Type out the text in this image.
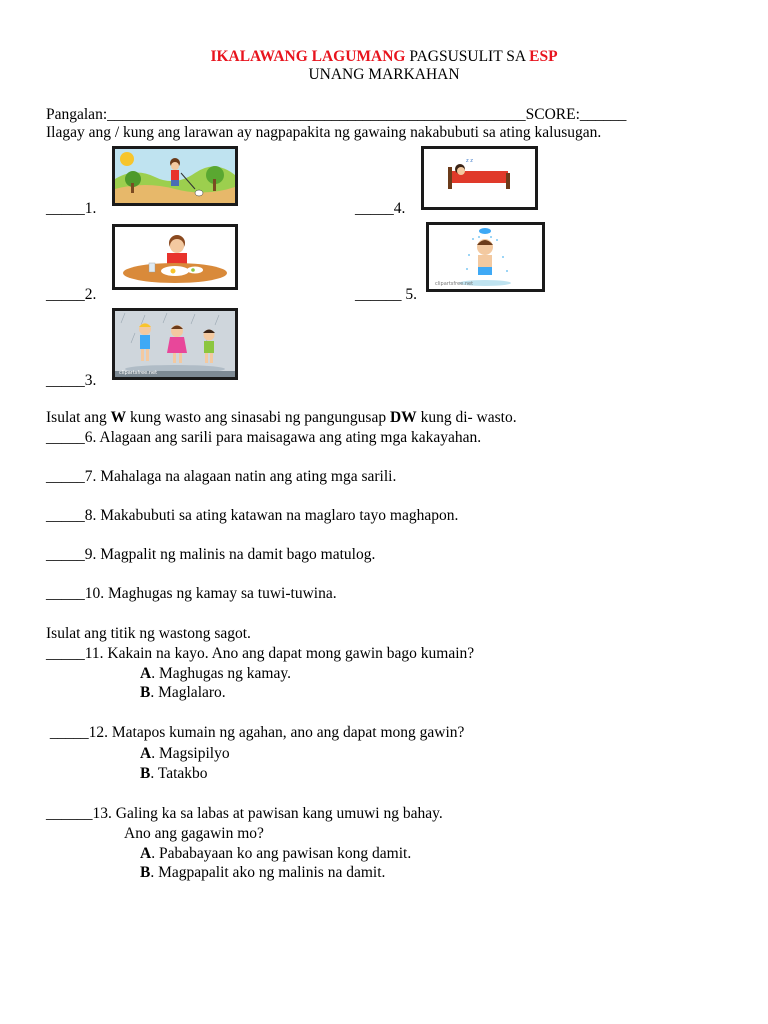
IKALAWANG LAGUMANG PAGSUSULIT SA ESP
UNANG MARKAHAN
Pangalan:______________________________________________________SCORE:______
Ilagay ang / kung ang larawan ay nagpapakita ng gawaing nakabubuti sa ating kalusugan.
_____1.
z z
_____4.
_____2.
clipartsfree.net
______ 5.
clipartsfree.net
_____3.
Isulat ang W kung wasto ang sinasabi ng pangungusap DW kung di- wasto.
_____6. Alagaan ang sarili para maisagawa ang ating mga kakayahan.
_____7. Mahalaga na alagaan natin ang ating mga sarili.
_____8. Makabubuti sa ating katawan na maglaro tayo maghapon.
_____9. Magpalit ng malinis na damit bago matulog.
_____10. Maghugas ng kamay sa tuwi-tuwina.
Isulat ang titik ng wastong sagot.
_____11. Kakain na kayo. Ano ang dapat mong gawin bago kumain?
A. Maghugas ng kamay.
B. Maglalaro.
_____12. Matapos kumain ng agahan, ano ang dapat mong gawin?
A. Magsipilyo
B. Tatakbo
______13. Galing ka sa labas at pawisan kang umuwi ng bahay.
Ano ang gagawin mo?
A. Pababayaan ko ang pawisan kong damit.
B. Magpapalit ako ng malinis na damit.
